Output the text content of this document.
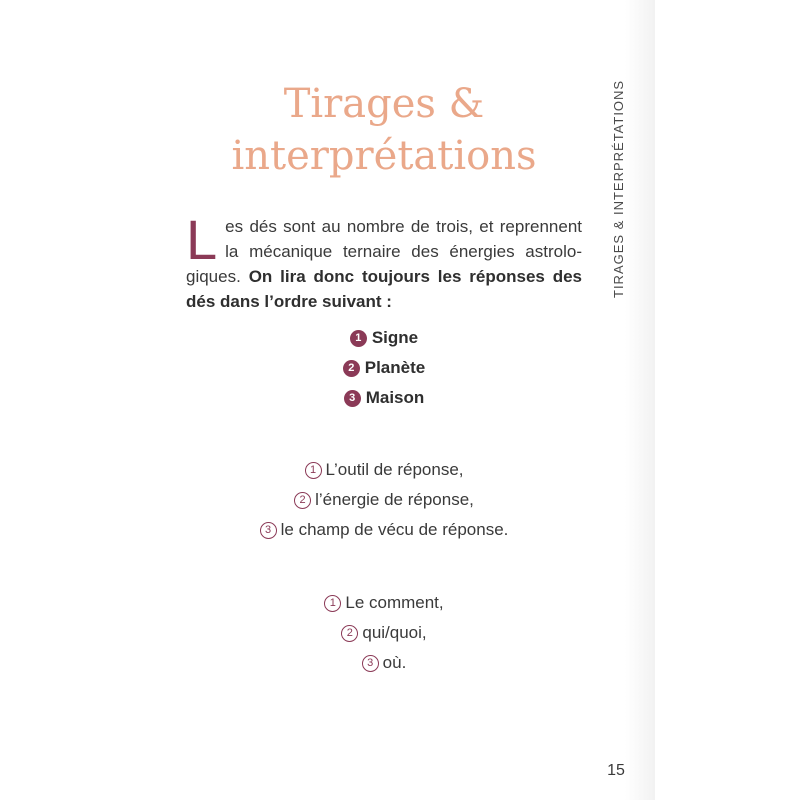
Tirages &
interprétations	TIRAGES & INTERPRÉTATIONS
Les dés sont au nombre de trois, et reprennent la mécanique ternaire des énergies astrolo-giques. On lira donc toujours les réponses des dés dans l’ordre suivant :
1 Signe
2 Planète
3 Maison
1 L’outil de réponse,
2 l’énergie de réponse,
3 le champ de vécu de réponse.
1 Le comment,
2 qui/quoi,
3 où.
15
